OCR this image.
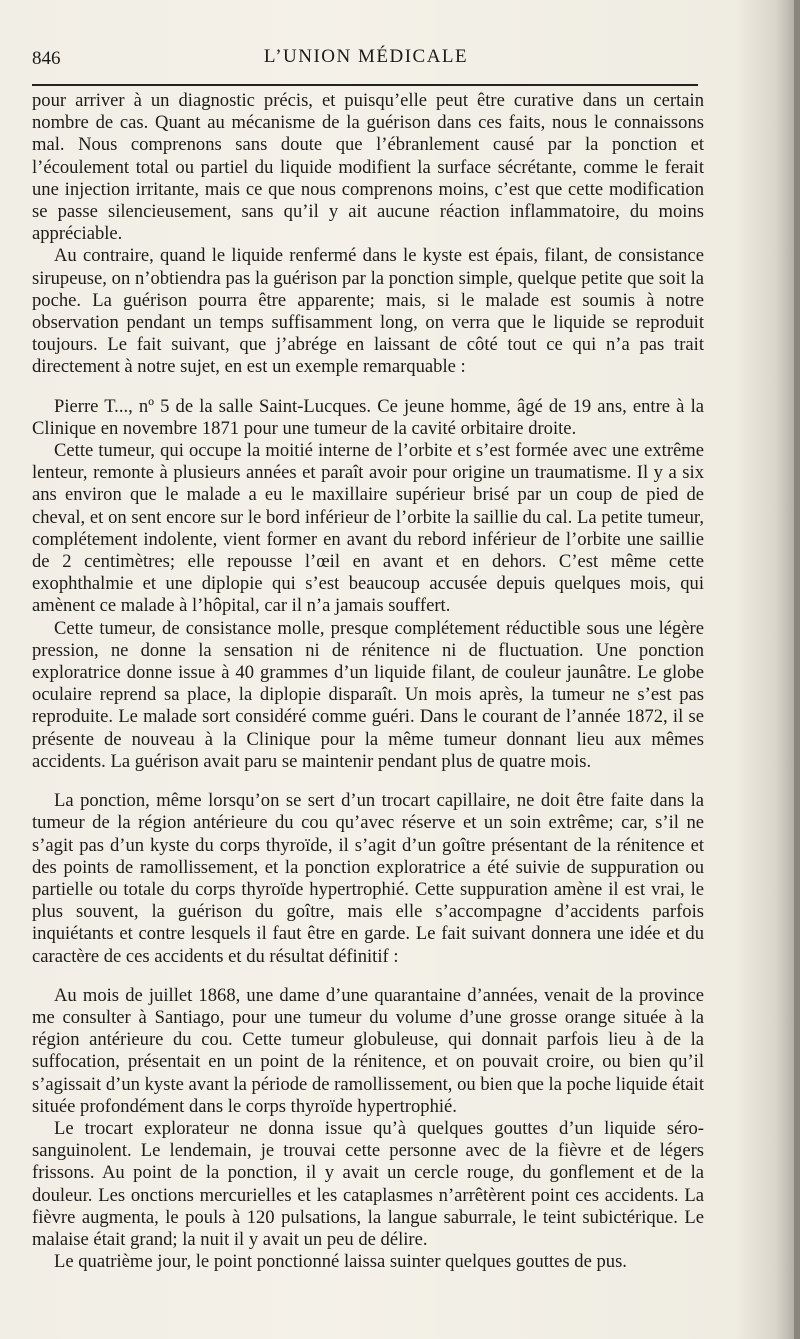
846	L’UNION MÉDICALE

pour arriver à un diagnostic précis, et puisqu’elle peut être curative dans un certain nombre de cas. Quant au mécanisme de la guérison dans ces faits, nous le connaissons mal. Nous comprenons sans doute que l’ébranlement causé par la ponction et l’écoulement total ou partiel du liquide modifient la surface sécrétante, comme le ferait une injection irritante, mais ce que nous comprenons moins, c’est que cette modification se passe silencieusement, sans qu’il y ait aucune réaction inflammatoire, du moins appréciable.

Au contraire, quand le liquide renfermé dans le kyste est épais, filant, de consistance sirupeuse, on n’obtiendra pas la guérison par la ponction simple, quelque petite que soit la poche. La guérison pourra être apparente; mais, si le malade est soumis à notre observation pendant un temps suffisamment long, on verra que le liquide se reproduit toujours. Le fait suivant, que j’abrége en laissant de côté tout ce qui n’a pas trait directement à notre sujet, en est un exemple remarquable :

Pierre T..., nº 5 de la salle Saint-Lucques. Ce jeune homme, âgé de 19 ans, entre à la Clinique en novembre 1871 pour une tumeur de la cavité orbitaire droite.

Cette tumeur, qui occupe la moitié interne de l’orbite et s’est formée avec une extrême lenteur, remonte à plusieurs années et paraît avoir pour origine un traumatisme. Il y a six ans environ que le malade a eu le maxillaire supérieur brisé par un coup de pied de cheval, et on sent encore sur le bord inférieur de l’orbite la saillie du cal. La petite tumeur, complétement indolente, vient former en avant du rebord inférieur de l’orbite une saillie de 2 centimètres; elle repousse l’œil en avant et en dehors. C’est même cette exophthalmie et une diplopie qui s’est beaucoup accusée depuis quelques mois, qui amènent ce malade à l’hôpital, car il n’a jamais souffert.

Cette tumeur, de consistance molle, presque complétement réductible sous une légère pression, ne donne la sensation ni de rénitence ni de fluctuation. Une ponction exploratrice donne issue à 40 grammes d’un liquide filant, de couleur jaunâtre. Le globe oculaire reprend sa place, la diplopie disparaît. Un mois après, la tumeur ne s’est pas reproduite. Le malade sort considéré comme guéri. Dans le courant de l’année 1872, il se présente de nouveau à la Clinique pour la même tumeur donnant lieu aux mêmes accidents. La guérison avait paru se maintenir pendant plus de quatre mois.

La ponction, même lorsqu’on se sert d’un trocart capillaire, ne doit être faite dans la tumeur de la région antérieure du cou qu’avec réserve et un soin extrême; car, s’il ne s’agit pas d’un kyste du corps thyroïde, il s’agit d’un goître présentant de la rénitence et des points de ramollissement, et la ponction exploratrice a été suivie de suppuration ou partielle ou totale du corps thyroïde hypertrophié. Cette suppuration amène il est vrai, le plus souvent, la guérison du goître, mais elle s’accompagne d’accidents parfois inquiétants et contre lesquels il faut être en garde. Le fait suivant donnera une idée et du caractère de ces accidents et du résultat définitif :

Au mois de juillet 1868, une dame d’une quarantaine d’années, venait de la province me consulter à Santiago, pour une tumeur du volume d’une grosse orange située à la région antérieure du cou. Cette tumeur globuleuse, qui donnait parfois lieu à de la suffocation, présentait en un point de la rénitence, et on pouvait croire, ou bien qu’il s’agissait d’un kyste avant la période de ramollissement, ou bien que la poche liquide était située profondément dans le corps thyroïde hypertrophié.

Le trocart explorateur ne donna issue qu’à quelques gouttes d’un liquide séro-sanguinolent. Le lendemain, je trouvai cette personne avec de la fièvre et de légers frissons. Au point de la ponction, il y avait un cercle rouge, du gonflement et de la douleur. Les onctions mercurielles et les cataplasmes n’arrêtèrent point ces accidents. La fièvre augmenta, le pouls à 120 pulsations, la langue saburrale, le teint subictérique. Le malaise était grand; la nuit il y avait un peu de délire.

Le quatrième jour, le point ponctionné laissa suinter quelques gouttes de pus.
